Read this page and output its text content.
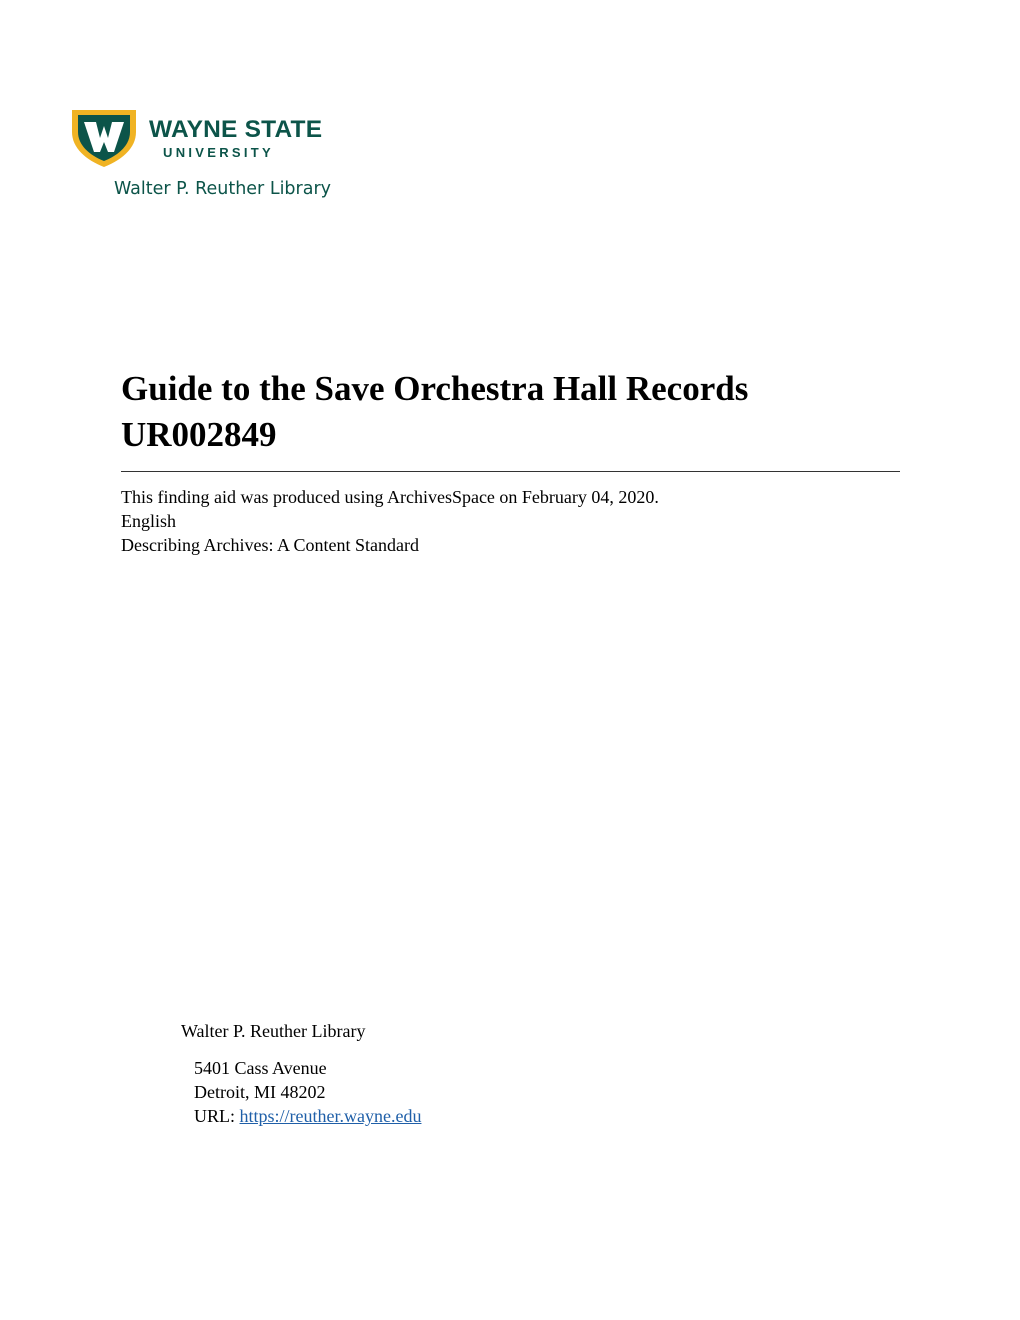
WAYNE STATE
UNIVERSITY
Walter P. Reuther Library
Guide to the Save Orchestra Hall Records
UR002849
This finding aid was produced using ArchivesSpace on February 04, 2020.
English
Describing Archives: A Content Standard
Walter P. Reuther Library
5401 Cass Avenue
Detroit, MI 48202
URL: https://reuther.wayne.edu
